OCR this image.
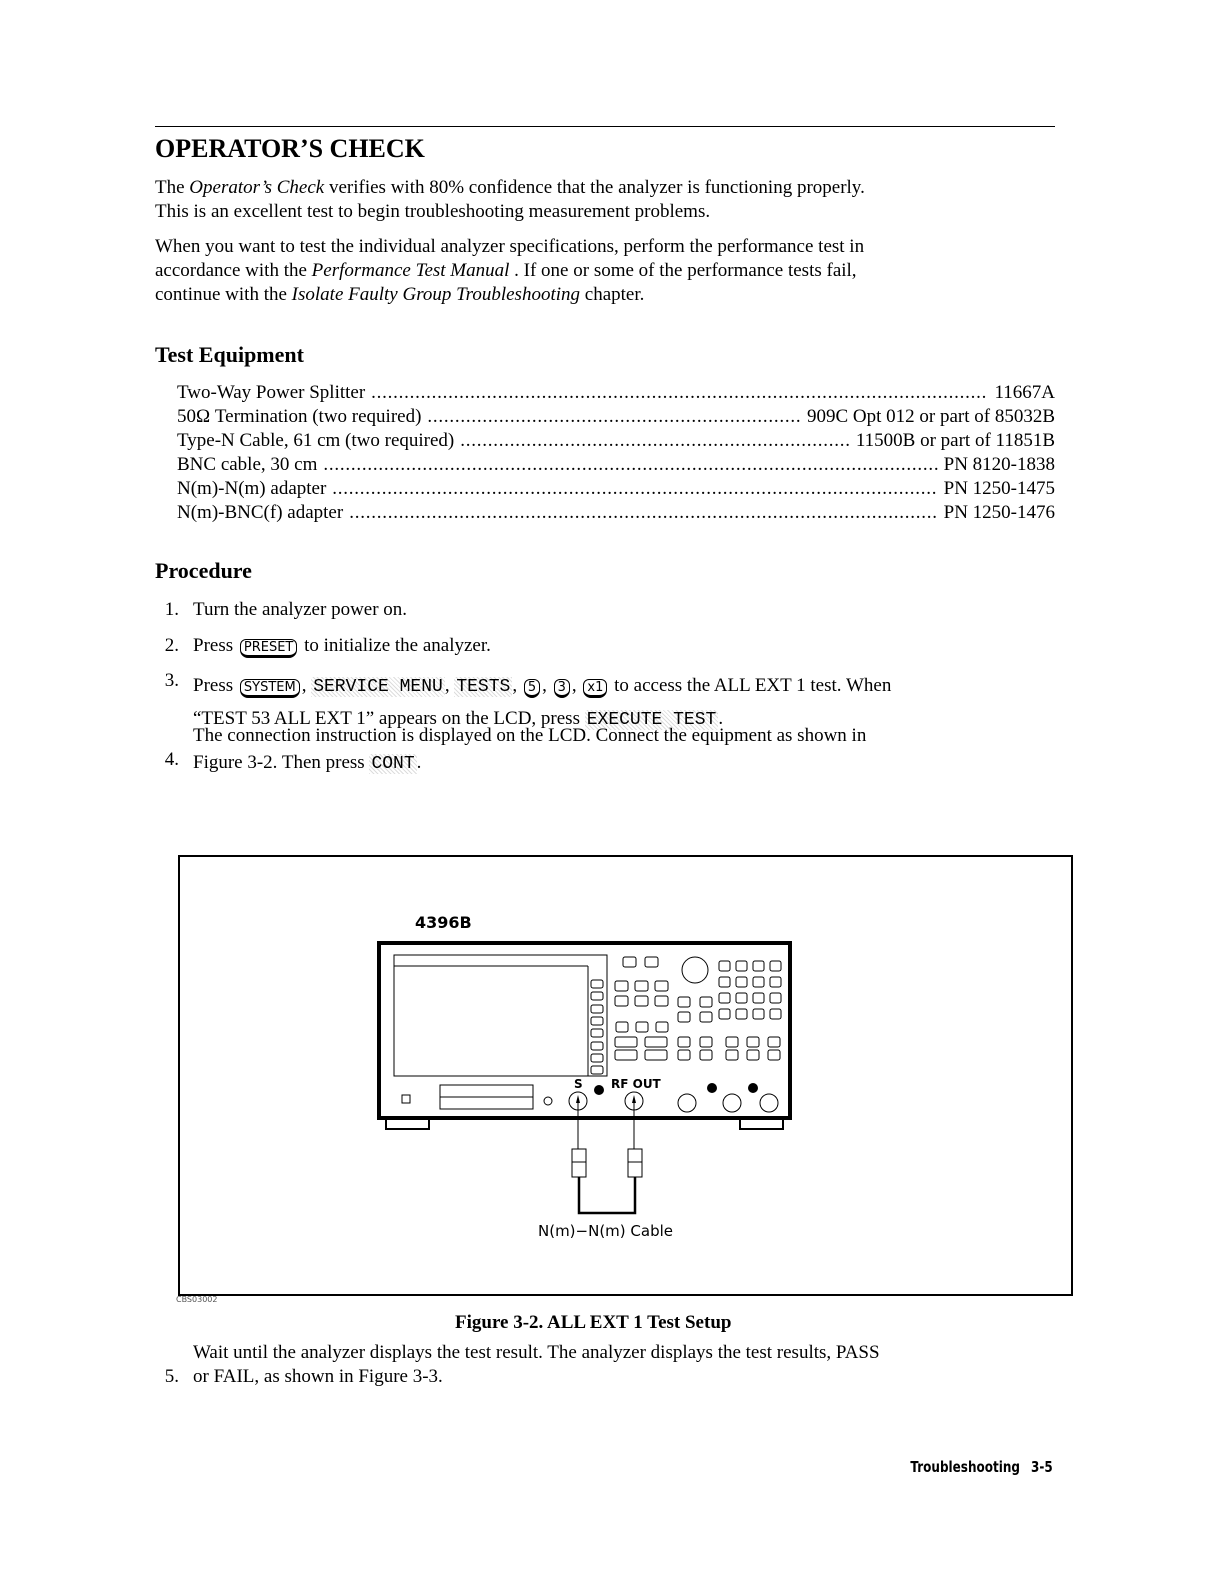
OPERATOR’S CHECK
The Operator’s Check verifies with 80% confidence that the analyzer is functioning properly.
This is an excellent test to begin troubleshooting measurement problems.
When you want to test the individual analyzer specifications, perform the performance test in
accordance with the Performance Test Manual . If one or some of the performance tests fail,
continue with the Isolate Faulty Group Troubleshooting chapter.
Test Equipment
Two-Way Power Splitter . . .	11667A
50Ω Termination (two required) . . .	909C Opt 012 or part of 85032B
Type-N Cable, 61 cm (two required) . . .	11500B or part of 11851B
BNC cable, 30 cm . . .	PN 8120-1838
N(m)-N(m) adapter . . .	PN 1250-1475
N(m)-BNC(f) adapter . . .	PN 1250-1476
Procedure
1. Turn the analyzer power on.
2. Press PRESET to initialize the analyzer.
3. Press SYSTEM , SERVICE MENU , TESTS , 5 , 3 , x1 to access the ALL EXT 1 test. When
“TEST 53 ALL EXT 1” appears on the LCD, press EXECUTE TEST .
4.
The connection instruction is displayed on the LCD. Connect the equipment as shown in
Figure 3-2. Then press CONT .
4396B
S RF OUT
N(m)−N(m) Cable
CBS03002
Figure 3-2. ALL EXT 1 Test Setup
5.
Wait until the analyzer displays the test result. The analyzer displays the test results, PASS
or FAIL, as shown in Figure 3-3.
Troubleshooting 3-5
